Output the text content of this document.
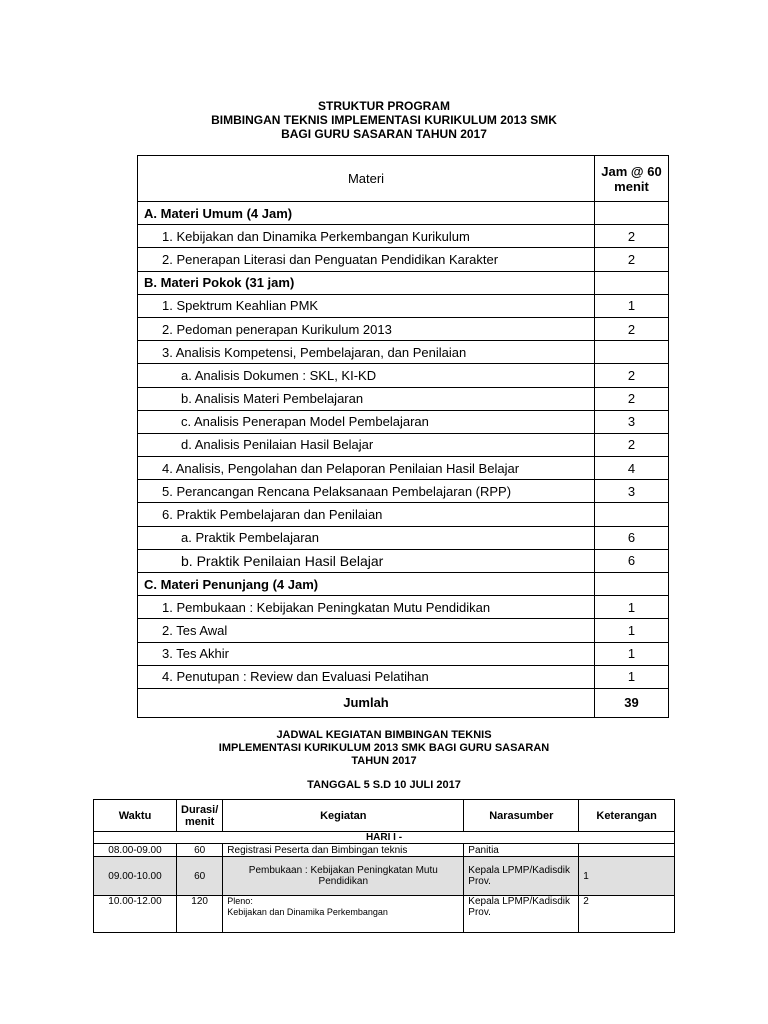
STRUKTUR PROGRAM
BIMBINGAN TEKNIS IMPLEMENTASI KURIKULUM 2013 SMK
BAGI GURU SASARAN TAHUN 2017
Materi	Jam @ 60
menit
A. Materi Umum (4 Jam)	
1. Kebijakan dan Dinamika Perkembangan Kurikulum	2
2. Penerapan Literasi dan Penguatan Pendidikan Karakter	2
B. Materi Pokok (31 jam)	
1. Spektrum Keahlian PMK	1
2. Pedoman penerapan Kurikulum 2013	2
3. Analisis Kompetensi, Pembelajaran, dan Penilaian	
a. Analisis Dokumen : SKL, KI-KD	2
b. Analisis Materi Pembelajaran	2
c. Analisis Penerapan Model Pembelajaran	3
d. Analisis Penilaian Hasil Belajar	2
4. Analisis, Pengolahan dan Pelaporan Penilaian Hasil Belajar	4
5. Perancangan Rencana Pelaksanaan Pembelajaran (RPP)	3
6. Praktik Pembelajaran dan Penilaian	
a. Praktik Pembelajaran	6
b. Praktik Penilaian Hasil Belajar	6
C. Materi Penunjang (4 Jam)	
1. Pembukaan : Kebijakan Peningkatan Mutu Pendidikan	1
2. Tes Awal	1
3. Tes Akhir	1
4. Penutupan : Review dan Evaluasi Pelatihan	1
Jumlah	39
JADWAL KEGIATAN BIMBINGAN TEKNIS
IMPLEMENTASI KURIKULUM 2013 SMK BAGI GURU SASARAN
TAHUN 2017
TANGGAL 5 S.D 10 JULI 2017
Waktu	Durasi/ menit	Kegiatan	Narasumber	Keterangan
HARI I -				
08.00-09.00	60	Registrasi Peserta dan Bimbingan teknis	Panitia	
09.00-10.00	60	Pembukaan : Kebijakan Peningkatan Mutu Pendidikan	Kepala LPMP/Kadisdik Prov.	1
10.00-12.00	120	Pleno:
Kebijakan dan Dinamika Perkembangan	Kepala LPMP/Kadisdik Prov.	2
